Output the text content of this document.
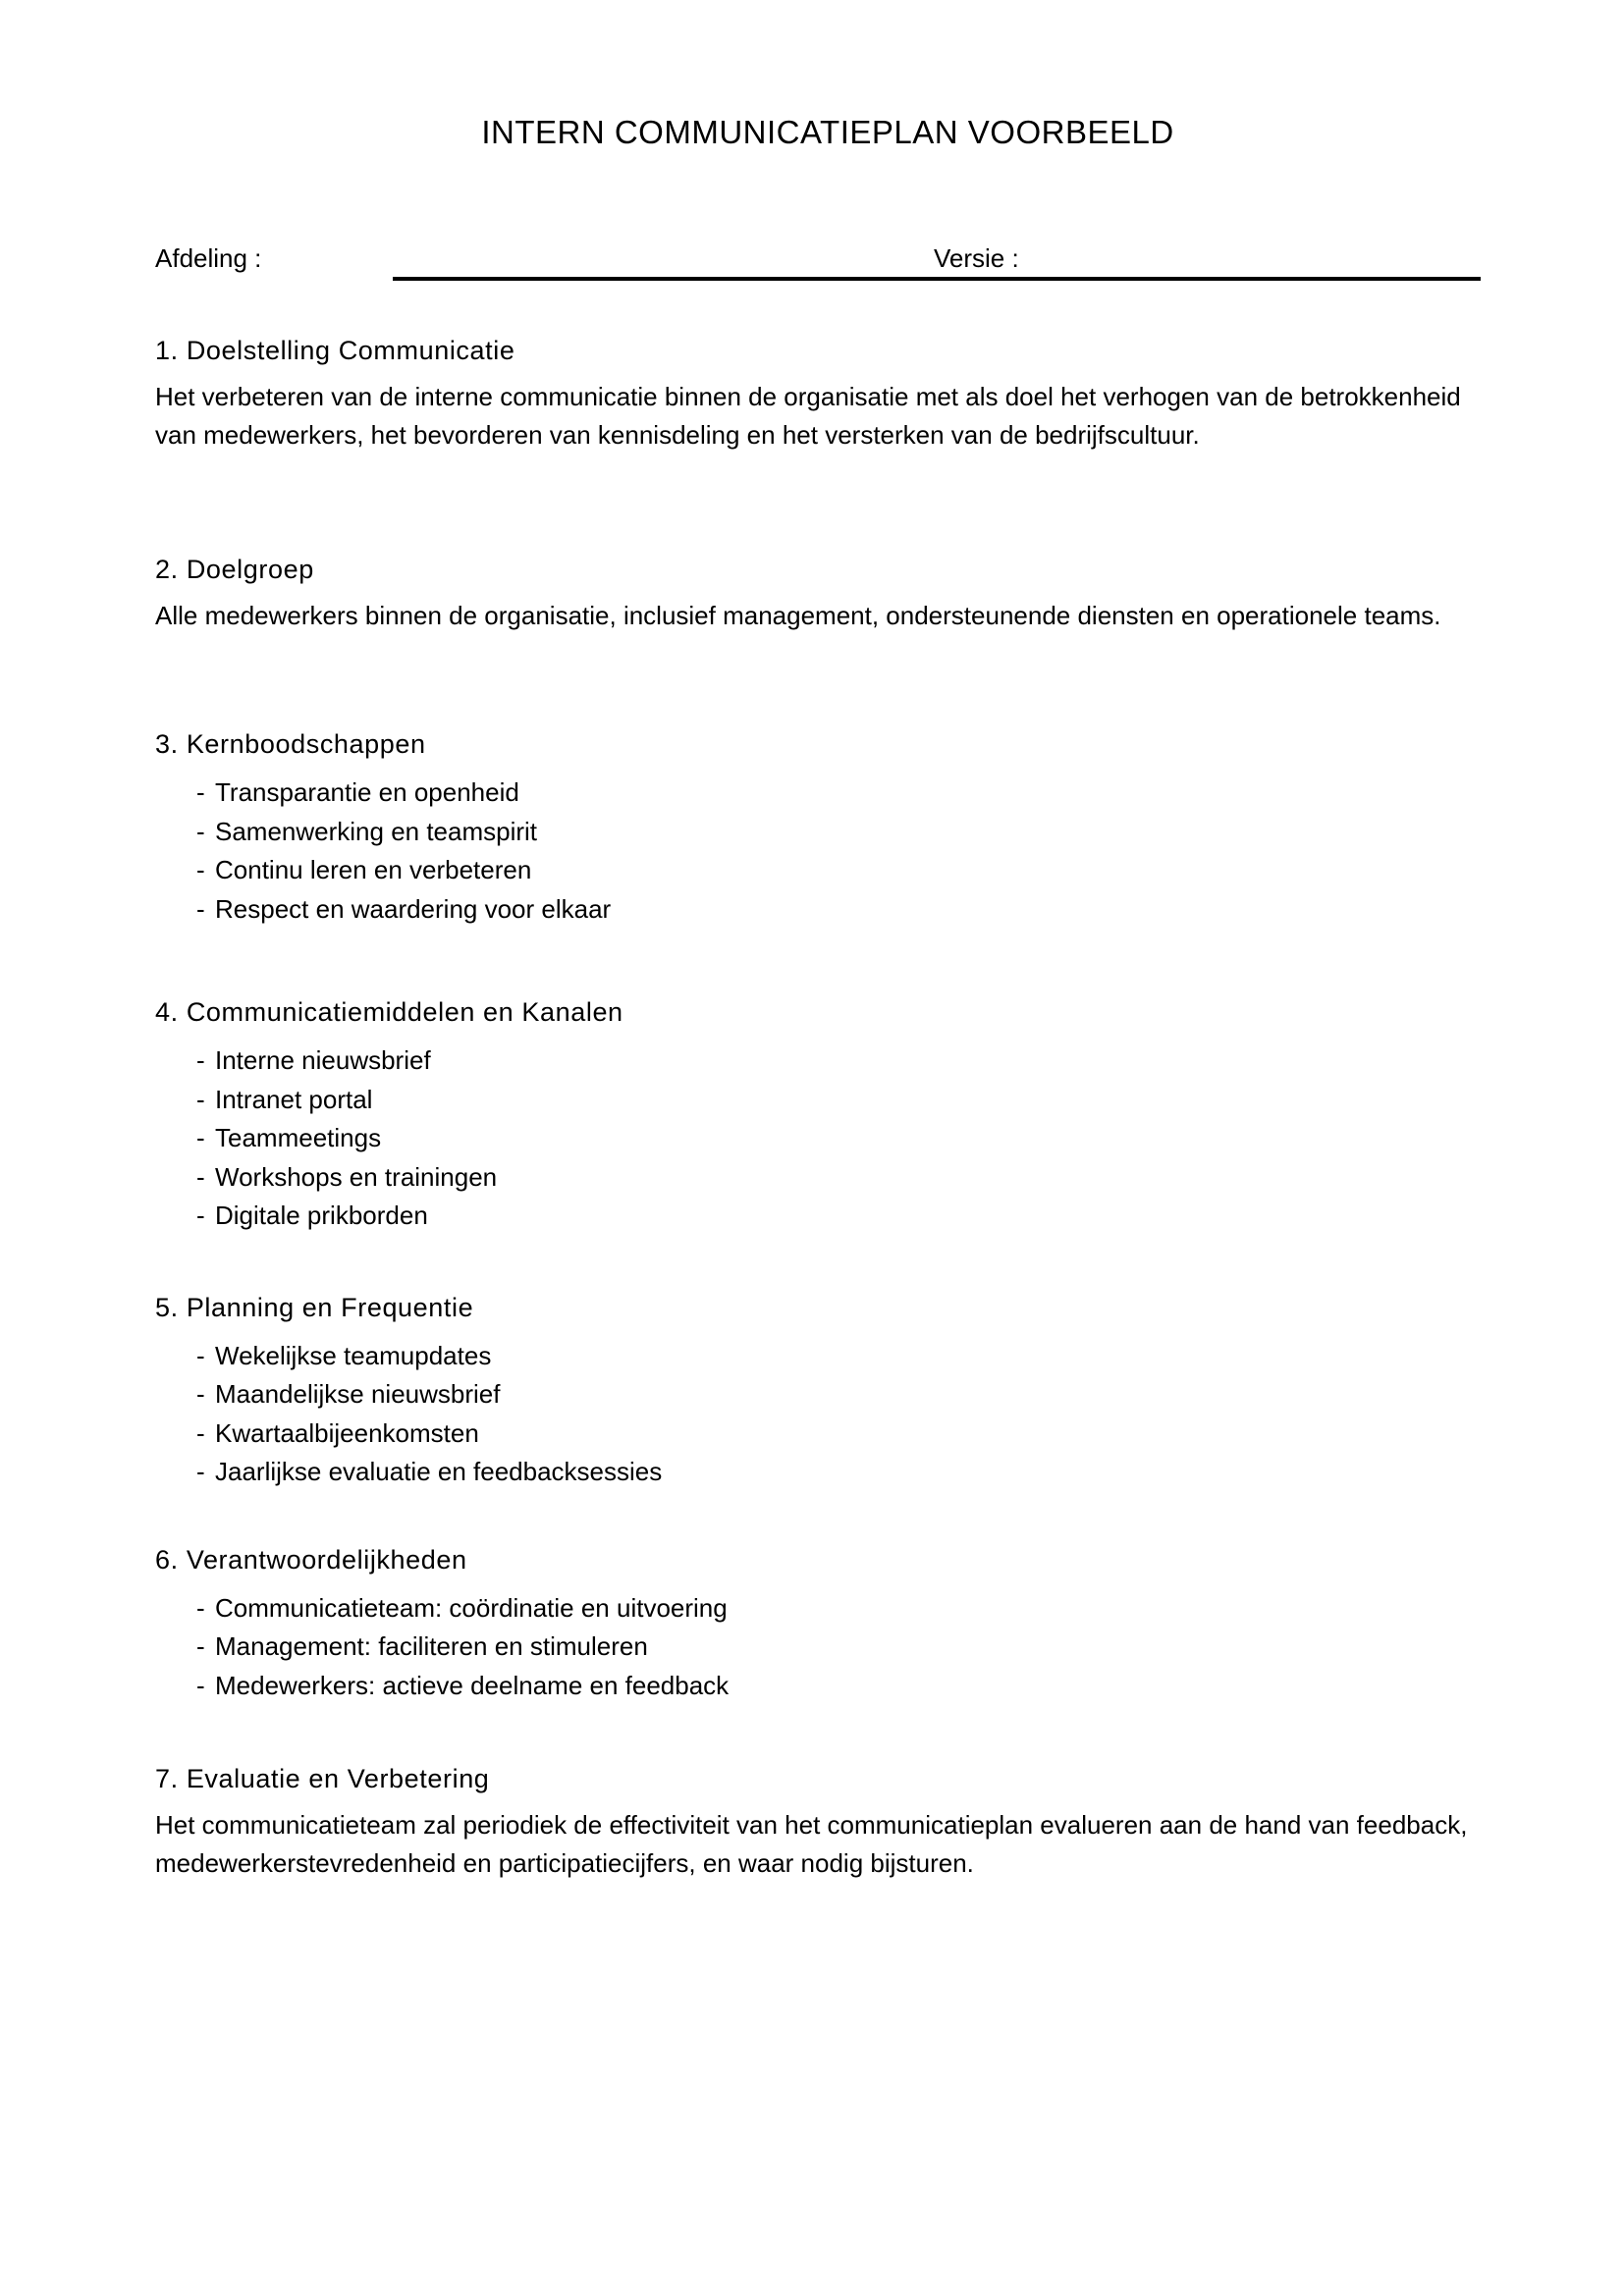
INTERN COMMUNICATIEPLAN VOORBEELD
Afdeling :	Versie :
1. Doelstelling Communicatie

Het verbeteren van de interne communicatie binnen de organisatie met als doel het verhogen van de betrokkenheid van medewerkers, het bevorderen van kennisdeling en het versterken van de bedrijfscultuur.

2. Doelgroep

Alle medewerkers binnen de organisatie, inclusief management, ondersteunende diensten en operationele teams.

3. Kernboodschappen
- Transparantie en openheid
- Samenwerking en teamspirit
- Continu leren en verbeteren
- Respect en waardering voor elkaar
4. Communicatiemiddelen en Kanalen
- Interne nieuwsbrief
- Intranet portal
- Teammeetings
- Workshops en trainingen
- Digitale prikborden
5. Planning en Frequentie
- Wekelijkse teamupdates
- Maandelijkse nieuwsbrief
- Kwartaalbijeenkomsten
- Jaarlijkse evaluatie en feedbacksessies
6. Verantwoordelijkheden
- Communicatieteam: coördinatie en uitvoering
- Management: faciliteren en stimuleren
- Medewerkers: actieve deelname en feedback
7. Evaluatie en Verbetering

Het communicatieteam zal periodiek de effectiviteit van het communicatieplan evalueren aan de hand van feedback, medewerkerstevredenheid en participatiecijfers, en waar nodig bijsturen.
